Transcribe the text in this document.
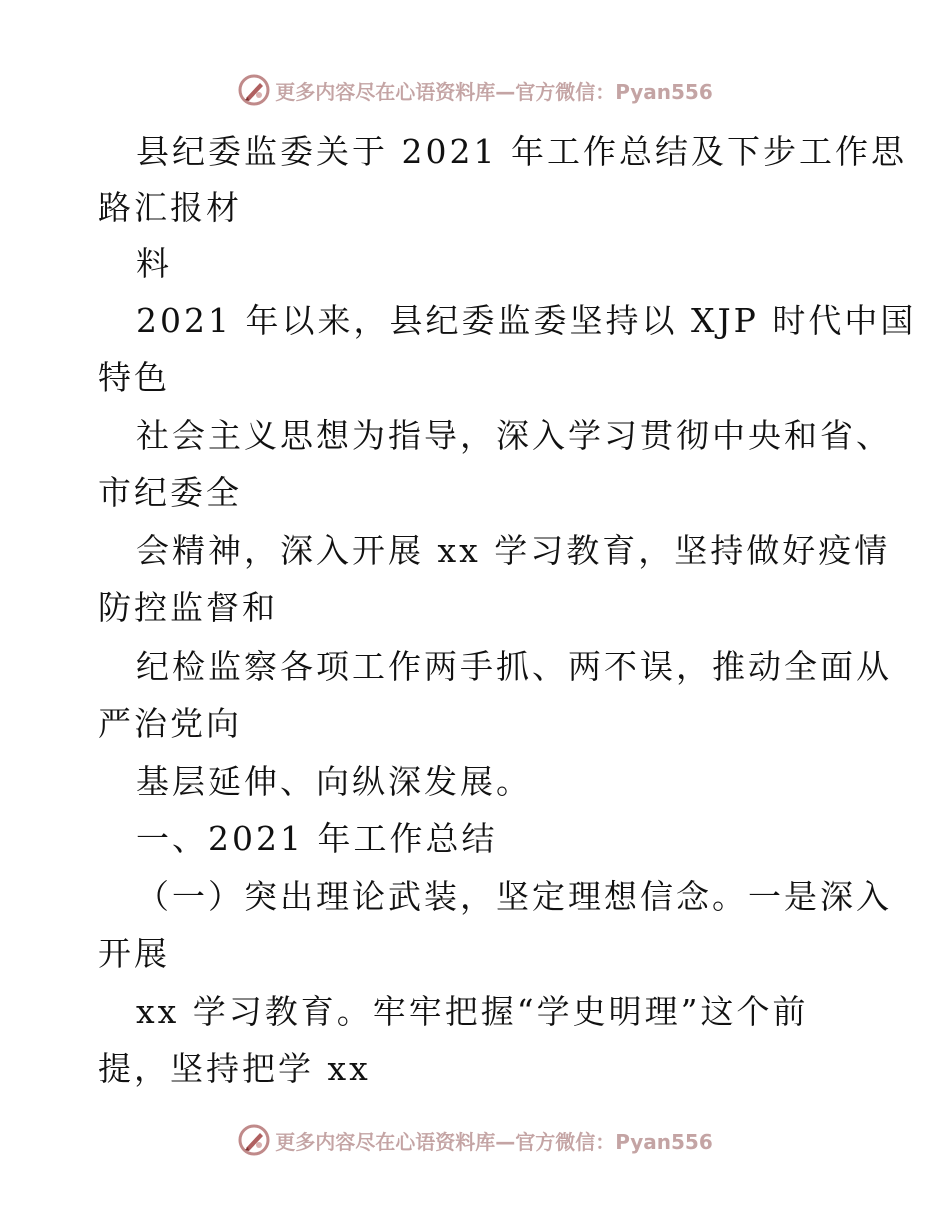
更多内容尽在心语资料库—官方微信：Pyan556
县纪委监委关于 2021 年工作总结及下步工作思
路汇报材
料
2021 年以来，县纪委监委坚持以 XJP 时代中国
特色
社会主义思想为指导，深入学习贯彻中央和省、
市纪委全
会精神，深入开展 xx 学习教育，坚持做好疫情
防控监督和
纪检监察各项工作两手抓、两不误，推动全面从
严治党向
基层延伸、向纵深发展。
一、2021 年工作总结
（一）突出理论武装，坚定理想信念。一是深入
开展
xx 学习教育。牢牢把握“学史明理”这个前
提，坚持把学 xx
更多内容尽在心语资料库—官方微信：Pyan556
